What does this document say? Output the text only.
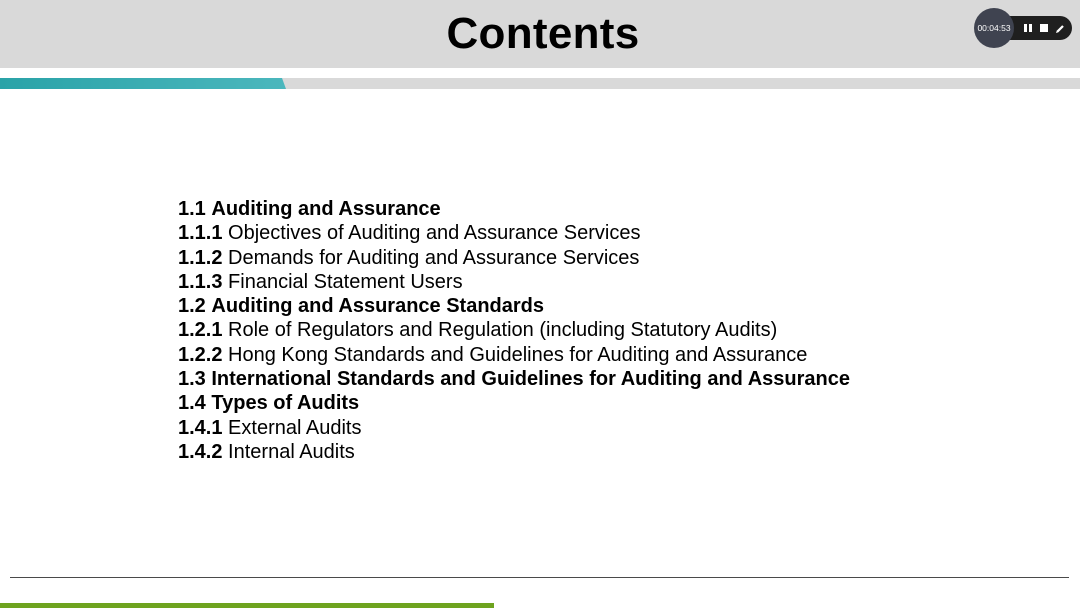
Contents	00:04:53
1.1 Auditing and Assurance
1.1.1 Objectives of Auditing and Assurance Services
1.1.2 Demands for Auditing and Assurance Services
1.1.3 Financial Statement Users
1.2 Auditing and Assurance Standards
1.2.1 Role of Regulators and Regulation (including Statutory Audits)
1.2.2 Hong Kong Standards and Guidelines for Auditing and Assurance
1.3 International Standards and Guidelines for Auditing and Assurance
1.4 Types of Audits
1.4.1 External Audits
1.4.2 Internal Audits
